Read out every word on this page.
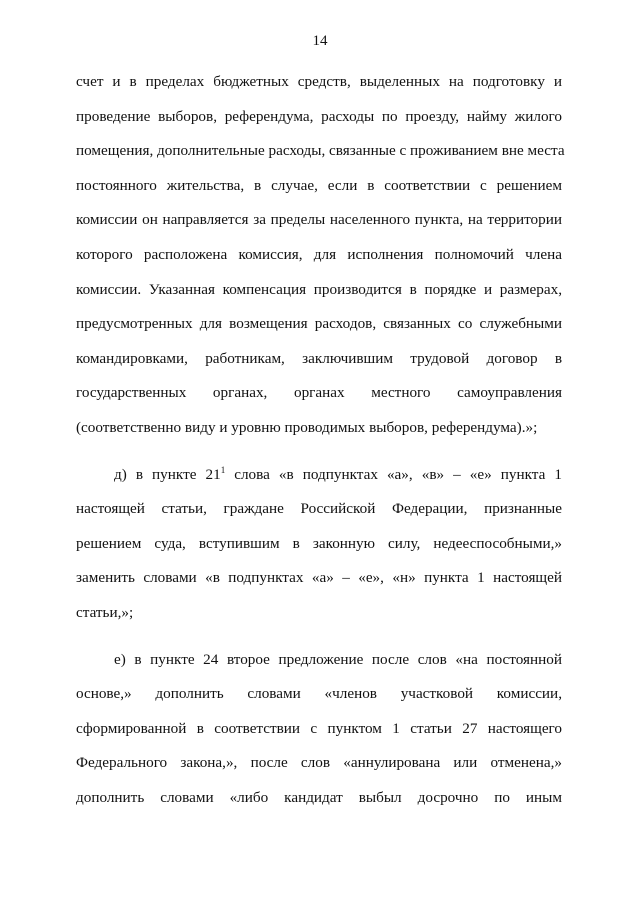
14
счет и в пределах бюджетных средств, выделенных на подготовку и
проведение выборов, референдума, расходы по проезду, найму жилого
помещения, дополнительные расходы, связанные с проживанием вне места
постоянного жительства, в случае, если в соответствии с решением
комиссии он направляется за пределы населенного пункта, на территории
которого расположена комиссия, для исполнения полномочий члена
комиссии. Указанная компенсация производится в порядке и размерах,
предусмотренных для возмещения расходов, связанных со служебными
командировками, работникам, заключившим трудовой договор в
государственных органах, органах местного самоуправления
(соответственно виду и уровню проводимых выборов, референдума).»;
д) в пункте $21^1$ слова «в подпунктах «а», «в» – «е» пункта 1
настоящей статьи, граждане Российской Федерации, признанные
решением суда, вступившим в законную силу, недееспособными,»
заменить словами «в подпунктах «а» – «е», «н» пункта 1 настоящей
статьи,»;
е) в пункте 24 второе предложение после слов «на постоянной
основе,» дополнить словами «членов участковой комиссии,
сформированной в соответствии с пунктом 1 статьи 27 настоящего
Федерального закона,», после слов «аннулирована или отменена,»
дополнить словами «либо кандидат выбыл досрочно по иным
